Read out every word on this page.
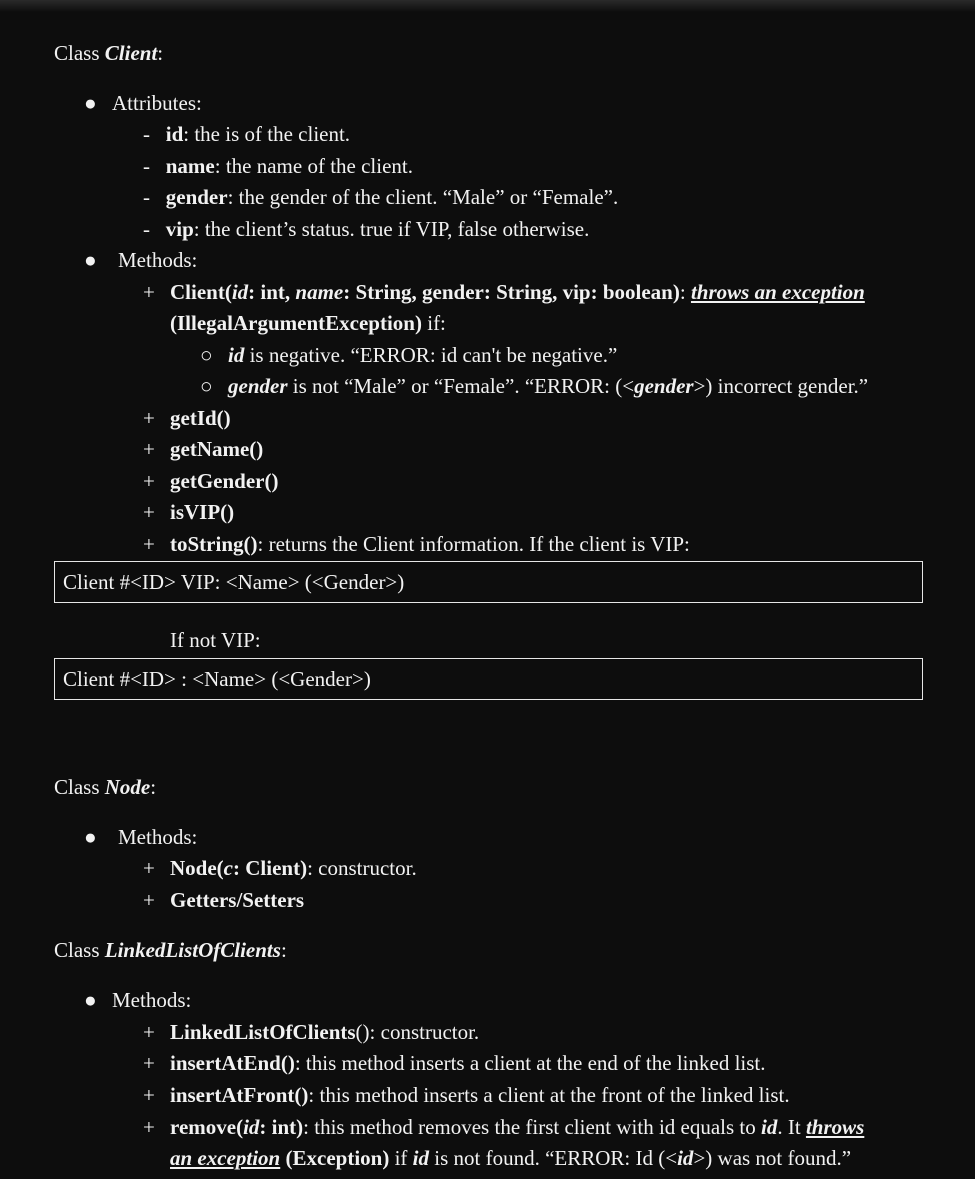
Class Client:
● Attributes:
- id: the is of the client.
- name: the name of the client.
- gender: the gender of the client. “Male” or “Female”.
- vip: the client’s status. true if VIP, false otherwise.
● Methods:
+ Client(id: int, name: String, gender: String, vip: boolean): throws an exception
(IllegalArgumentException) if:
○ id is negative. “ERROR: id can't be negative.”
○ gender is not “Male” or “Female”. “ERROR: (<gender>) incorrect gender.”
+ getId()
+ getName()
+ getGender()
+ isVIP()
+ toString(): returns the Client information. If the client is VIP:
Client #<ID> VIP: <Name> (<Gender>)
If not VIP:
Client #<ID> : <Name> (<Gender>)
Class Node:
● Methods:
+ Node(c: Client): constructor.
+ Getters/Setters
Class LinkedListOfClients:
● Methods:
+ LinkedListOfClients(): constructor.
+ insertAtEnd(): this method inserts a client at the end of the linked list.
+ insertAtFront(): this method inserts a client at the front of the linked list.
+ remove(id: int): this method removes the first client with id equals to id. It throws
an exception (Exception) if id is not found. “ERROR: Id (<id>) was not found.”
